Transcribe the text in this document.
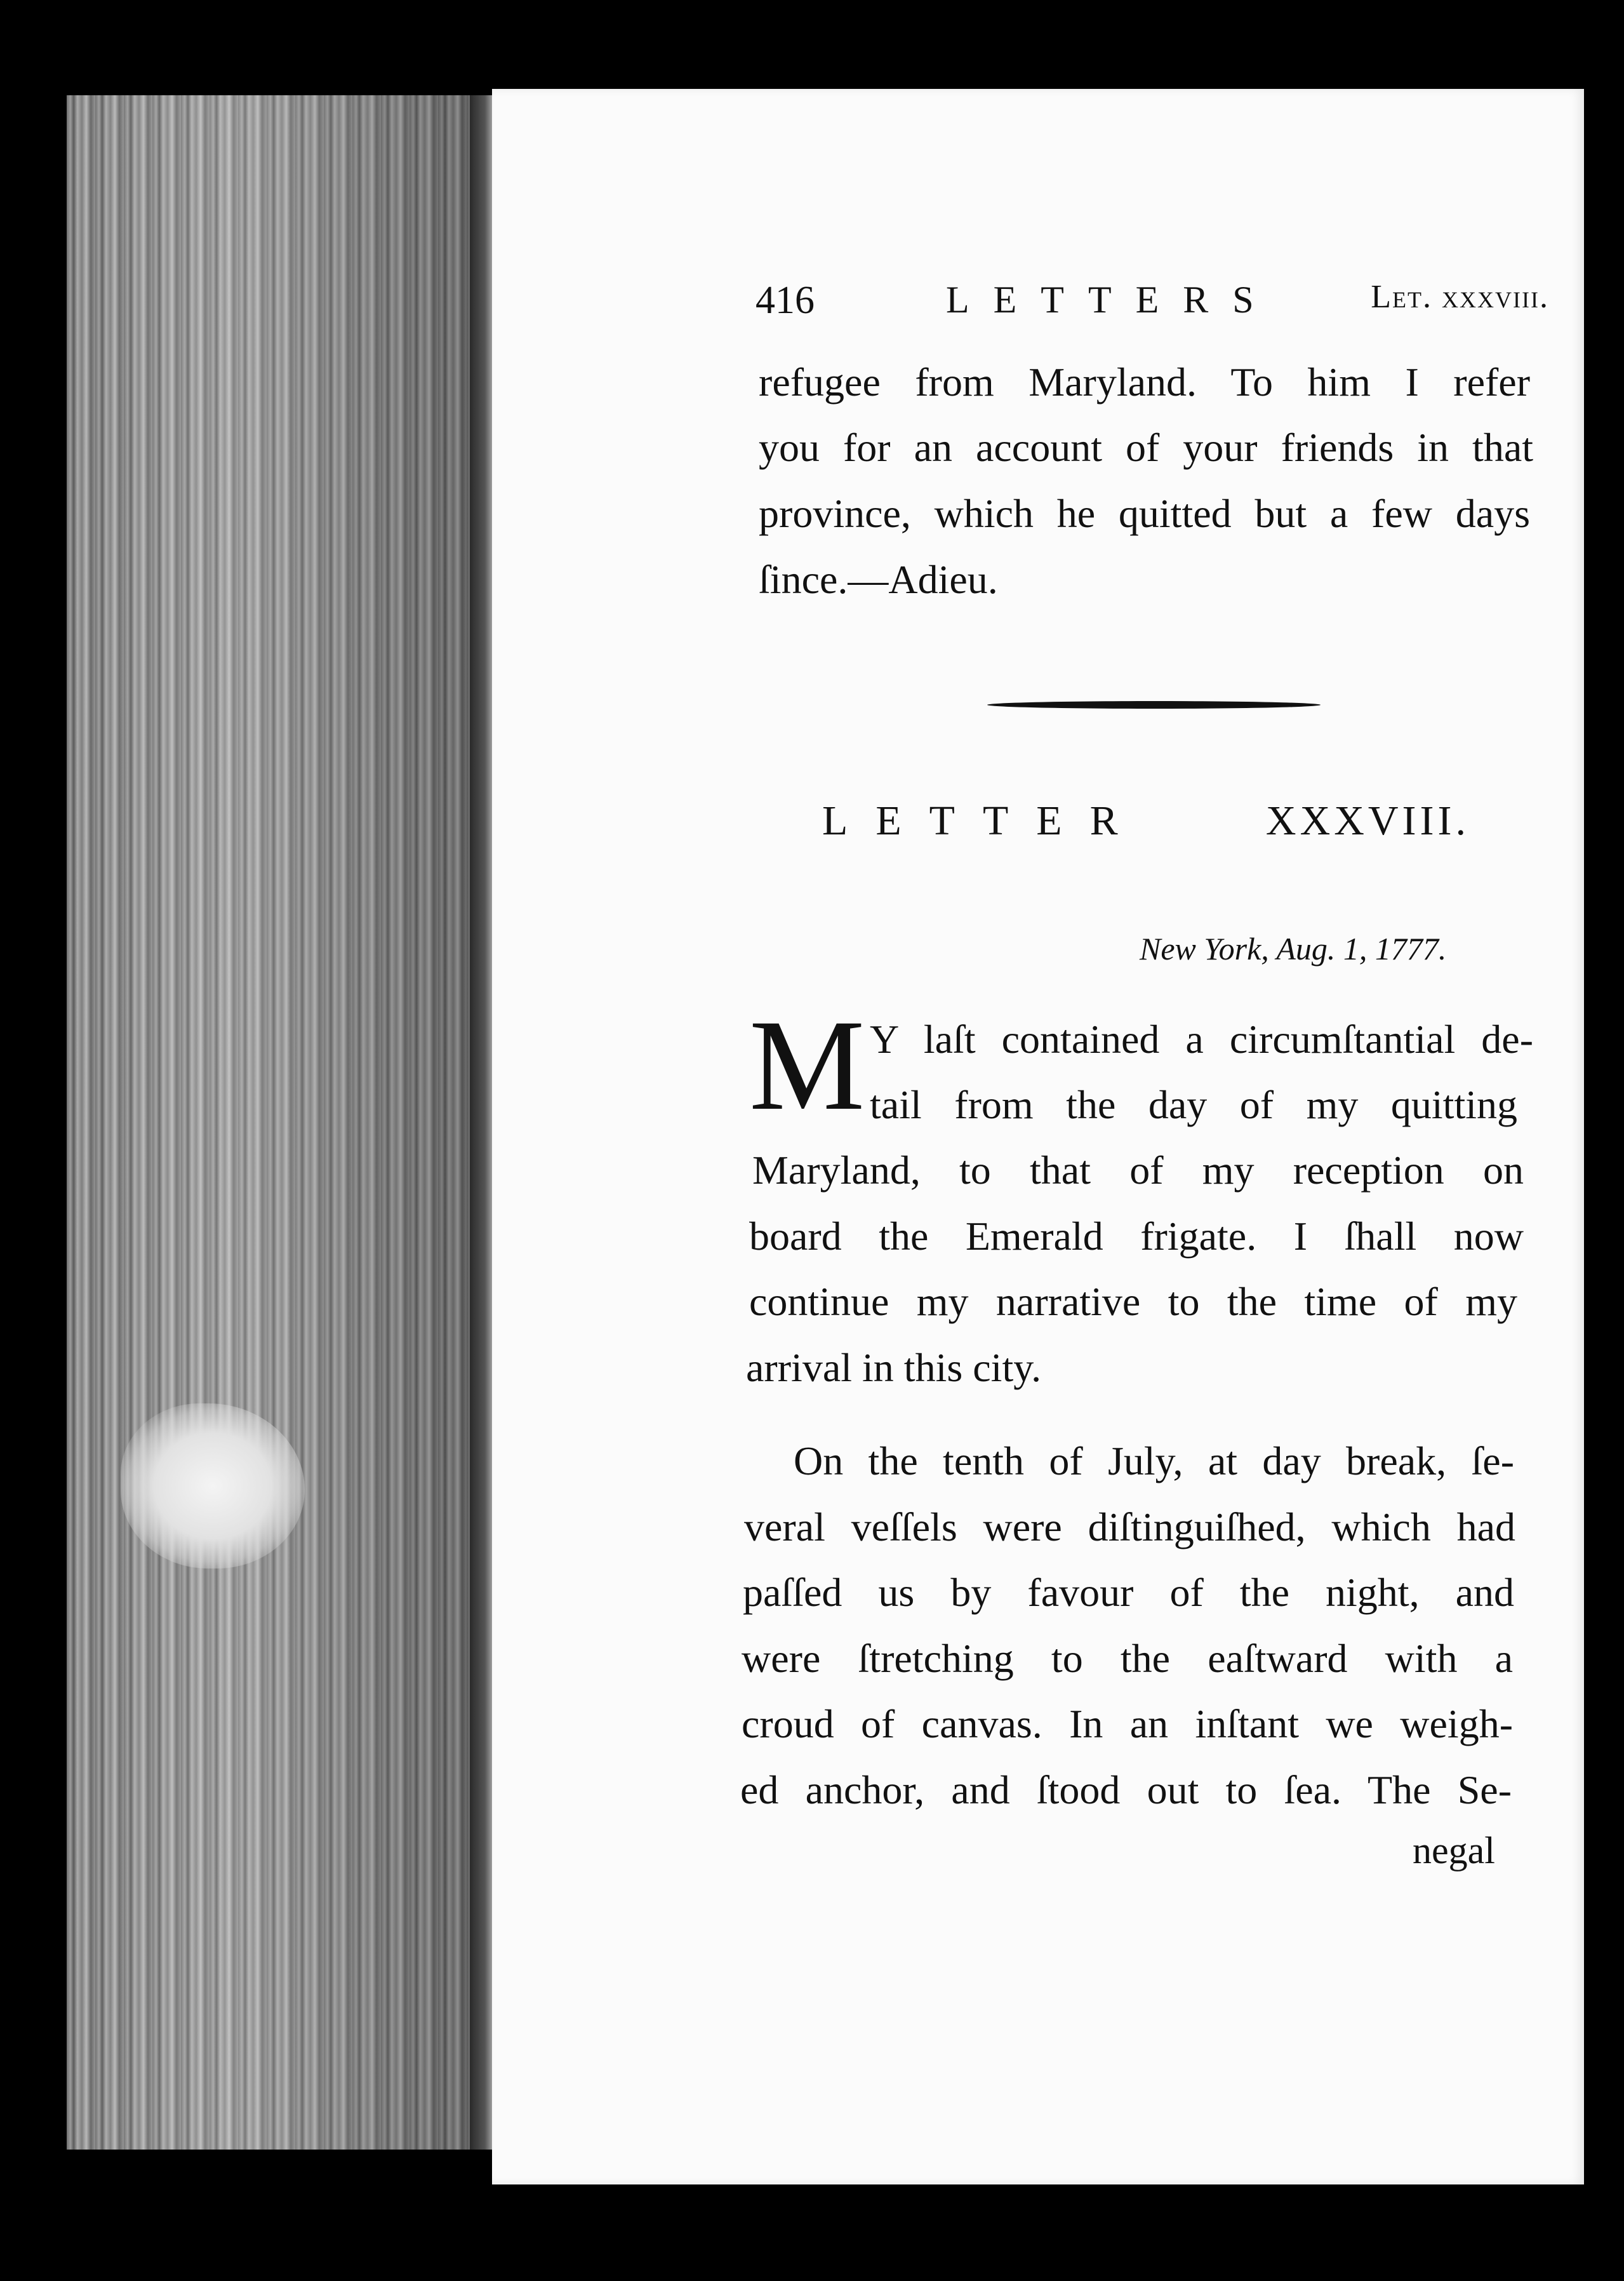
416	LETTERS	Let. xxxviii.
refugee from Maryland. To him I refer
you for an account of your friends in that
province, which he quitted but a few days
ſince.—Adieu.
LETTER	XXXVIII.
New York, Aug. 1, 1777.
M Y laſt contained a circumſtantial de-
tail from the day of my quitting
Maryland, to that of my reception on
board the Emerald frigate. I ſhall now
continue my narrative to the time of my
arrival in this city.
On the tenth of July, at day break, ſe-
veral veſſels were diſtinguiſhed, which had
paſſed us by favour of the night, and
were ſtretching to the eaſtward with a
croud of canvas. In an inſtant we weigh-
ed anchor, and ſtood out to ſea. The Se-
negal
